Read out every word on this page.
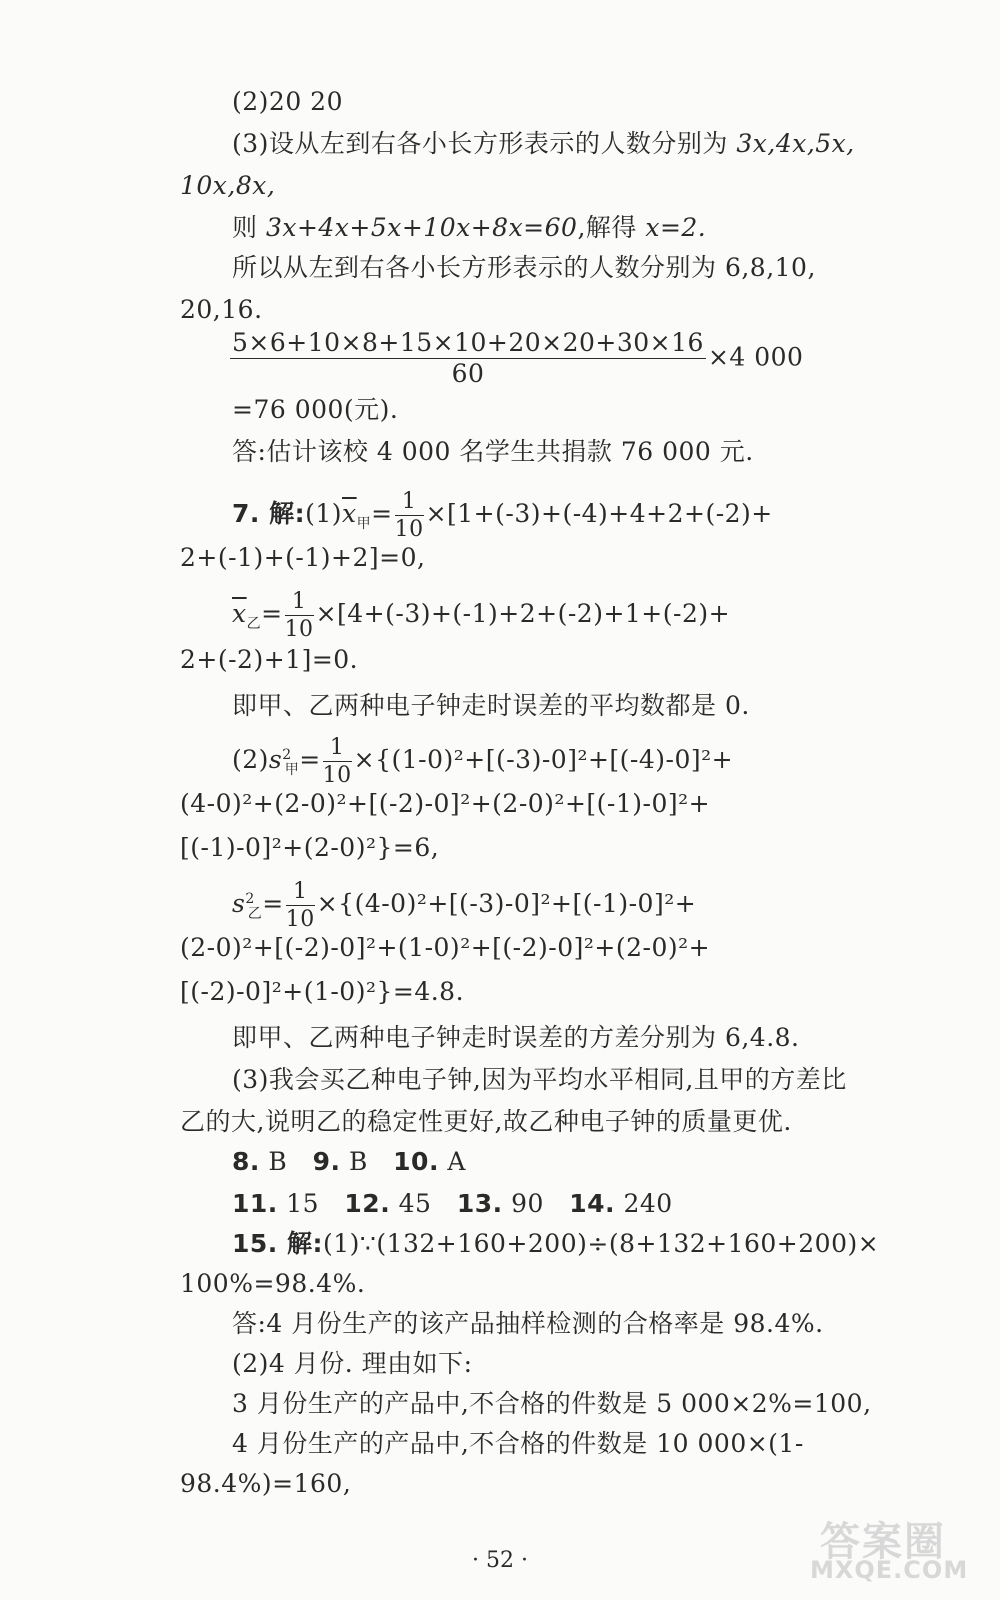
(2)20 20
(3)设从左到右各小长方形表示的人数分别为 3x,4x,5x,
10x,8x,
则 3x+4x+5x+10x+8x=60,解得 x=2.
所以从左到右各小长方形表示的人数分别为 6,8,10,
20,16.
$\frac{5\times 6+10\times 8+15\times 10+20\times 20+30\times 16}{60} \times 4$ 000
=76 000(元).
答:估计该校 4 000 名学生共捐款 76 000 元.
7. 解$:(1)\overline{x}_甲= \frac{1}{10} \times[1+(-3)+(-4)+4+2+(-2)+$
2+(-1)+(-1)+2]=0,
$\overline{x}_乙= \frac{1}{10} \times[4+(-3)+(-1)+2+(-2)+1+(-2)+$
2+(-2)+1]=0.
即甲、乙两种电子钟走时误差的平均数都是 0.
$(2)s^2_甲= \frac{1}{10} \times\{(1-0)^2+[(-3)-0]^2+[(-4)-0]^2+$
(4-0)²+(2-0)²+[(-2)-0]²+(2-0)²+[(-1)-0]²+
[(-1)-0]²+(2-0)²}=6,
$s^2_乙= \frac{1}{10} \times\{(4-0)^2+[(-3)-0]^2+[(-1)-0]^2+$
(2-0)²+[(-2)-0]²+(1-0)²+[(-2)-0]²+(2-0)²+
[(-2)-0]²+(1-0)²}=4.8.
即甲、乙两种电子钟走时误差的方差分别为 6,4.8.
(3)我会买乙种电子钟,因为平均水平相同,且甲的方差比
乙的大,说明乙的稳定性更好,故乙种电子钟的质量更优.
8. B 9. B 10. A
11. 15 12. 45 13. 90 14. 240
15. 解:(1)∵(132+160+200)÷(8+132+160+200)×
100%=98.4%.
答:4 月份生产的该产品抽样检测的合格率是 98.4%.
(2)4 月份. 理由如下:
3 月份生产的产品中,不合格的件数是 5 000×2%=100,
4 月份生产的产品中,不合格的件数是 10 000×(1-
98.4%)=160,
· 52 ·	答案圈
MXQE.COM
